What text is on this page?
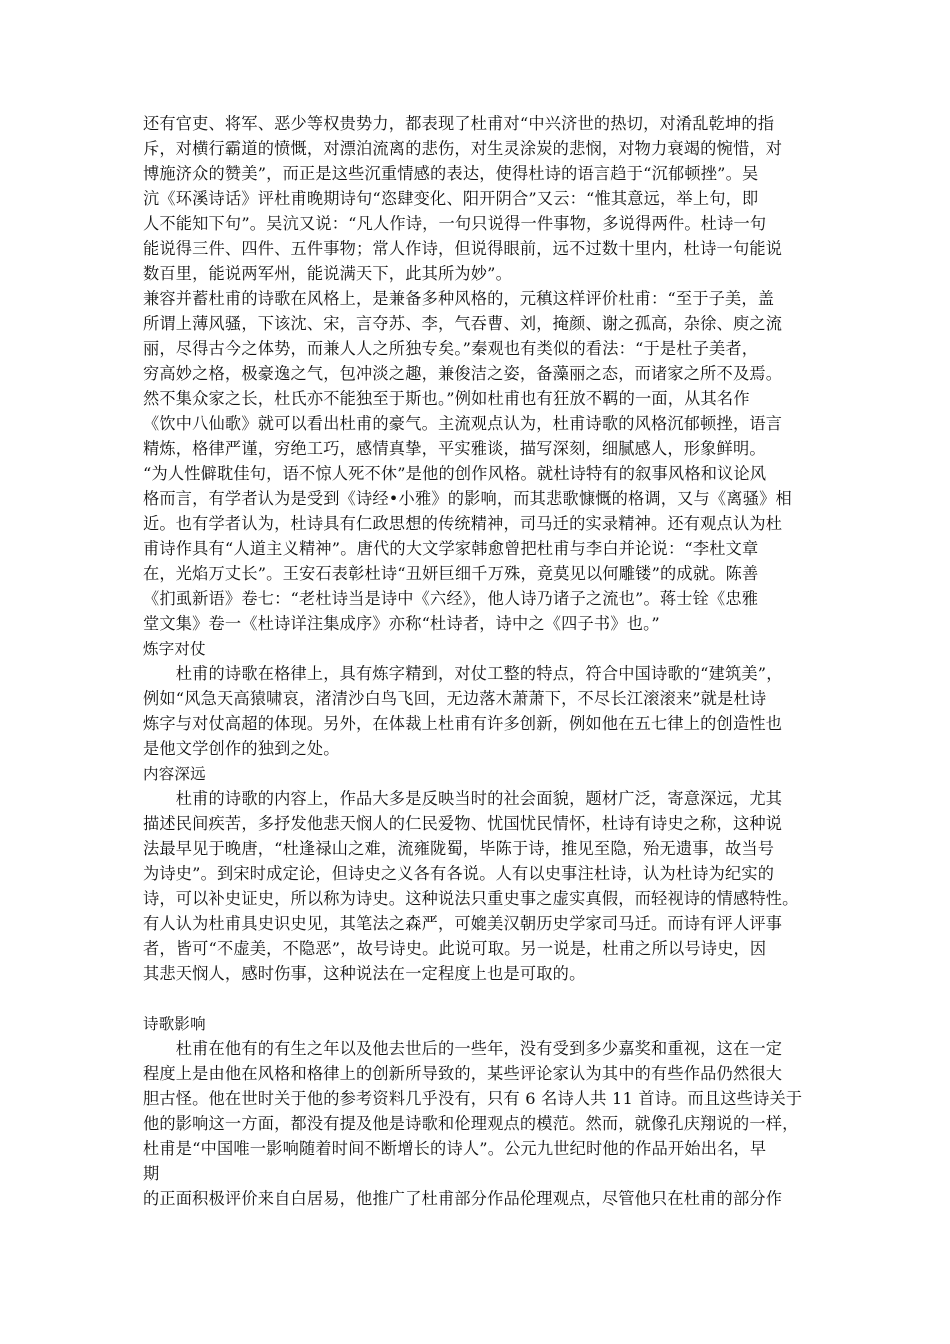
还有官吏、将军、恶少等权贵势力，都表现了杜甫对“中兴济世的热切，对淆乱乾坤的指
斥，对横行霸道的愤慨，对漂泊流离的悲伤，对生灵涂炭的悲悯，对物力衰竭的惋惜，对
博施济众的赞美”，而正是这些沉重情感的表达，使得杜诗的语言趋于“沉郁顿挫”。吴
沆《环溪诗话》评杜甫晚期诗句“恣肆变化、阳开阴合”又云：“惟其意远，举上句，即
人不能知下句”。吴沆又说：“凡人作诗，一句只说得一件事物，多说得两件。杜诗一句
能说得三件、四件、五件事物；常人作诗，但说得眼前，远不过数十里内，杜诗一句能说
数百里，能说两军州，能说满天下，此其所为妙”。
兼容并蓄杜甫的诗歌在风格上，是兼备多种风格的，元稹这样评价杜甫：“至于子美，盖
所谓上薄风骚，下该沈、宋，言夺苏、李，气吞曹、刘，掩颜、谢之孤高，杂徐、庾之流
丽，尽得古今之体势，而兼人人之所独专矣。”秦观也有类似的看法：“于是杜子美者，
穷高妙之格，极豪逸之气，包冲淡之趣，兼俊洁之姿，备藻丽之态，而诸家之所不及焉。
然不集众家之长，杜氏亦不能独至于斯也。”例如杜甫也有狂放不羁的一面，从其名作
《饮中八仙歌》就可以看出杜甫的豪气。主流观点认为，杜甫诗歌的风格沉郁顿挫，语言
精炼，格律严谨，穷绝工巧，感情真挚，平实雅谈，描写深刻，细腻感人，形象鲜明。
“为人性僻耽佳句，语不惊人死不休”是他的创作风格。就杜诗特有的叙事风格和议论风
格而言，有学者认为是受到《诗经•小雅》的影响，而其悲歌慷慨的格调，又与《离骚》相
近。也有学者认为，杜诗具有仁政思想的传统精神，司马迁的实录精神。还有观点认为杜
甫诗作具有“人道主义精神”。唐代的大文学家韩愈曾把杜甫与李白并论说：“李杜文章
在，光焰万丈长”。王安石表彰杜诗“丑妍巨细千万殊，竟莫见以何雕镂”的成就。陈善
《扪虱新语》卷七：“老杜诗当是诗中《六经》，他人诗乃诸子之流也”。蒋士铨《忠雅
堂文集》卷一《杜诗详注集成序》亦称“杜诗者，诗中之《四子书》也。”
炼字对仗
　　杜甫的诗歌在格律上，具有炼字精到，对仗工整的特点，符合中国诗歌的“建筑美”，
例如“风急天高猿啸哀，渚清沙白鸟飞回，无边落木萧萧下，不尽长江滚滚来”就是杜诗
炼字与对仗高超的体现。另外，在体裁上杜甫有许多创新，例如他在五七律上的创造性也
是他文学创作的独到之处。
内容深远
　　杜甫的诗歌的内容上，作品大多是反映当时的社会面貌，题材广泛，寄意深远，尤其
描述民间疾苦，多抒发他悲天悯人的仁民爱物、忧国忧民情怀，杜诗有诗史之称，这种说
法最早见于晚唐，“杜逢禄山之难，流雍陇蜀，毕陈于诗，推见至隐，殆无遗事，故当号
为诗史”。到宋时成定论，但诗史之义各有各说。人有以史事注杜诗，认为杜诗为纪实的
诗，可以补史证史，所以称为诗史。这种说法只重史事之虚实真假，而轻视诗的情感特性。
有人认为杜甫具史识史见，其笔法之森严，可媲美汉朝历史学家司马迁。而诗有评人评事
者，皆可“不虚美，不隐恶”，故号诗史。此说可取。另一说是，杜甫之所以号诗史，因
其悲天悯人，感时伤事，这种说法在一定程度上也是可取的。
诗歌影响
　　杜甫在他有的有生之年以及他去世后的一些年，没有受到多少嘉奖和重视，这在一定
程度上是由他在风格和格律上的创新所导致的，某些评论家认为其中的有些作品仍然很大
胆古怪。他在世时关于他的参考资料几乎没有，只有 6 名诗人共 11 首诗。而且这些诗关于
他的影响这一方面，都没有提及他是诗歌和伦理观点的模范。然而，就像孔庆翔说的一样，
杜甫是“中国唯一影响随着时间不断增长的诗人”。公元九世纪时他的作品开始出名，早
期
的正面积极评价来自白居易，他推广了杜甫部分作品伦理观点，尽管他只在杜甫的部分作
